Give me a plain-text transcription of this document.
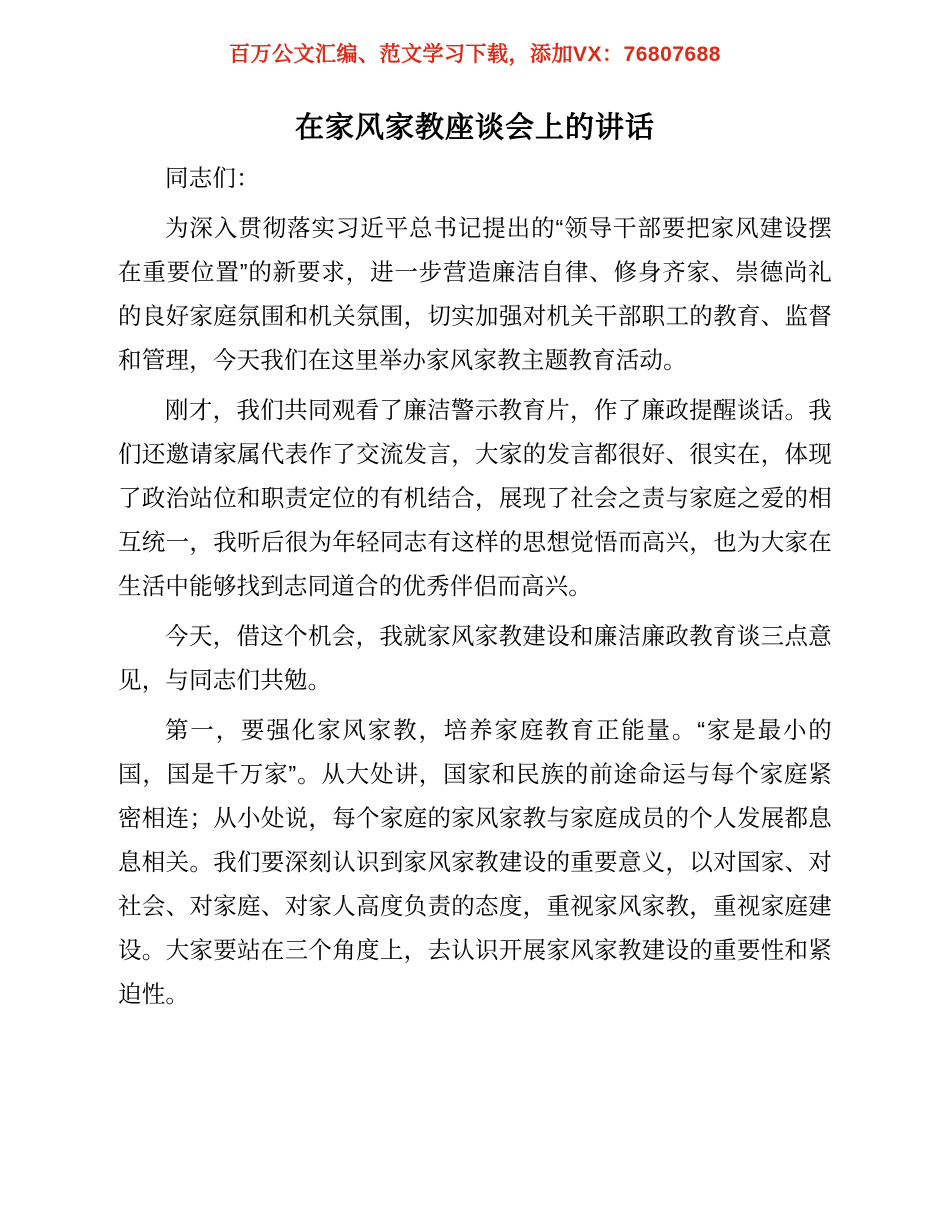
百万公文汇编、范文学习下载，添加VX：76807688
在家风家教座谈会上的讲话

同志们：

为深入贯彻落实习近平总书记提出的“领导干部要把家风建设摆在重要位置”的新要求，进一步营造廉洁自律、修身齐家、崇德尚礼的良好家庭氛围和机关氛围，切实加强对机关干部职工的教育、监督和管理，今天我们在这里举办家风家教主题教育活动。

刚才，我们共同观看了廉洁警示教育片，作了廉政提醒谈话。我们还邀请家属代表作了交流发言，大家的发言都很好、很实在，体现了政治站位和职责定位的有机结合，展现了社会之责与家庭之爱的相互统一，我听后很为年轻同志有这样的思想觉悟而高兴，也为大家在生活中能够找到志同道合的优秀伴侣而高兴。

今天，借这个机会，我就家风家教建设和廉洁廉政教育谈三点意见，与同志们共勉。

第一，要强化家风家教，培养家庭教育正能量。“家是最小的国，国是千万家”。从大处讲，国家和民族的前途命运与每个家庭紧密相连；从小处说，每个家庭的家风家教与家庭成员的个人发展都息息相关。我们要深刻认识到家风家教建设的重要意义，以对国家、对社会、对家庭、对家人高度负责的态度，重视家风家教，重视家庭建设。大家要站在三个角度上，去认识开展家风家教建设的重要性和紧迫性。
